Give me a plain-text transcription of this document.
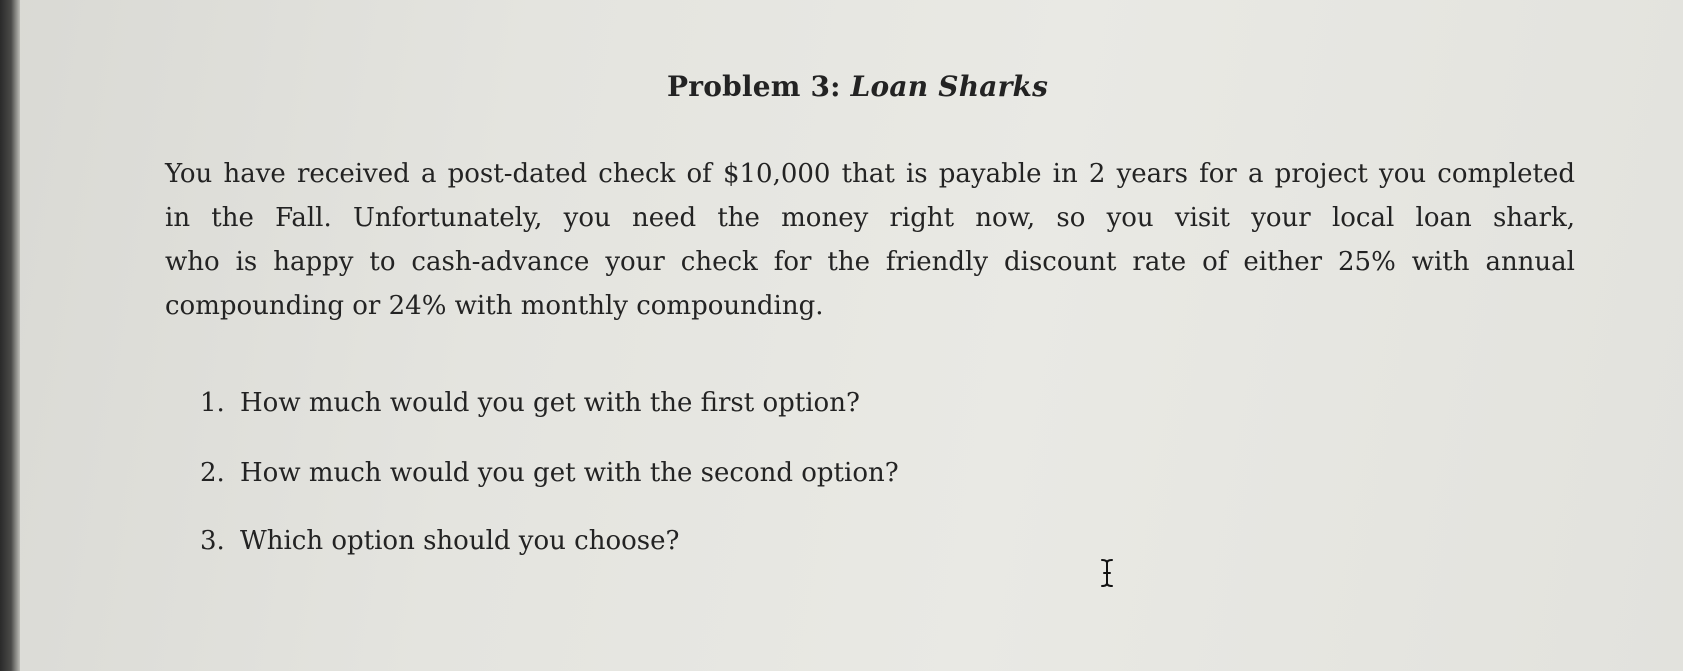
Problem 3: Loan Sharks
You have received a post-dated check of $10,000 that is payable in 2 years for a project you completed
in the Fall. Unfortunately, you need the money right now, so you visit your local loan shark,
who is happy to cash-advance your check for the friendly discount rate of either 25% with annual
compounding or 24% with monthly compounding.
1. How much would you get with the first option?
2. How much would you get with the second option?
3. Which option should you choose?
